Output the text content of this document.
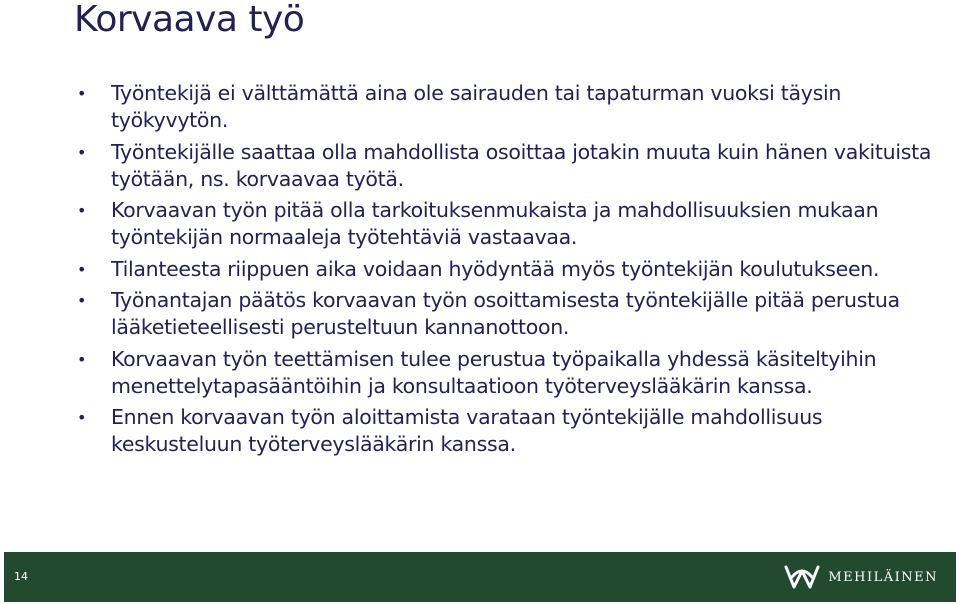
Korvaava työ
• Työntekijä ei välttämättä aina ole sairauden tai tapaturman vuoksi täysin työkyvytön.
• Työntekijälle saattaa olla mahdollista osoittaa jotakin muuta kuin hänen vakituista työtään, ns. korvaavaa työtä.
• Korvaavan työn pitää olla tarkoituksenmukaista ja mahdollisuuksien mukaan työntekijän normaaleja työtehtäviä vastaavaa.
• Tilanteesta riippuen aika voidaan hyödyntää myös työntekijän koulutukseen.
• Työnantajan päätös korvaavan työn osoittamisesta työntekijälle pitää perustua lääketieteellisesti perusteltuun kannanottoon.
• Korvaavan työn teettämisen tulee perustua työpaikalla yhdessä käsiteltyihin menettelytapasääntöihin ja konsultaatioon työterveyslääkärin kanssa.
• Ennen korvaavan työn aloittamista varataan työntekijälle mahdollisuus keskusteluun työterveyslääkärin kanssa.
14	MEHILÄINEN
